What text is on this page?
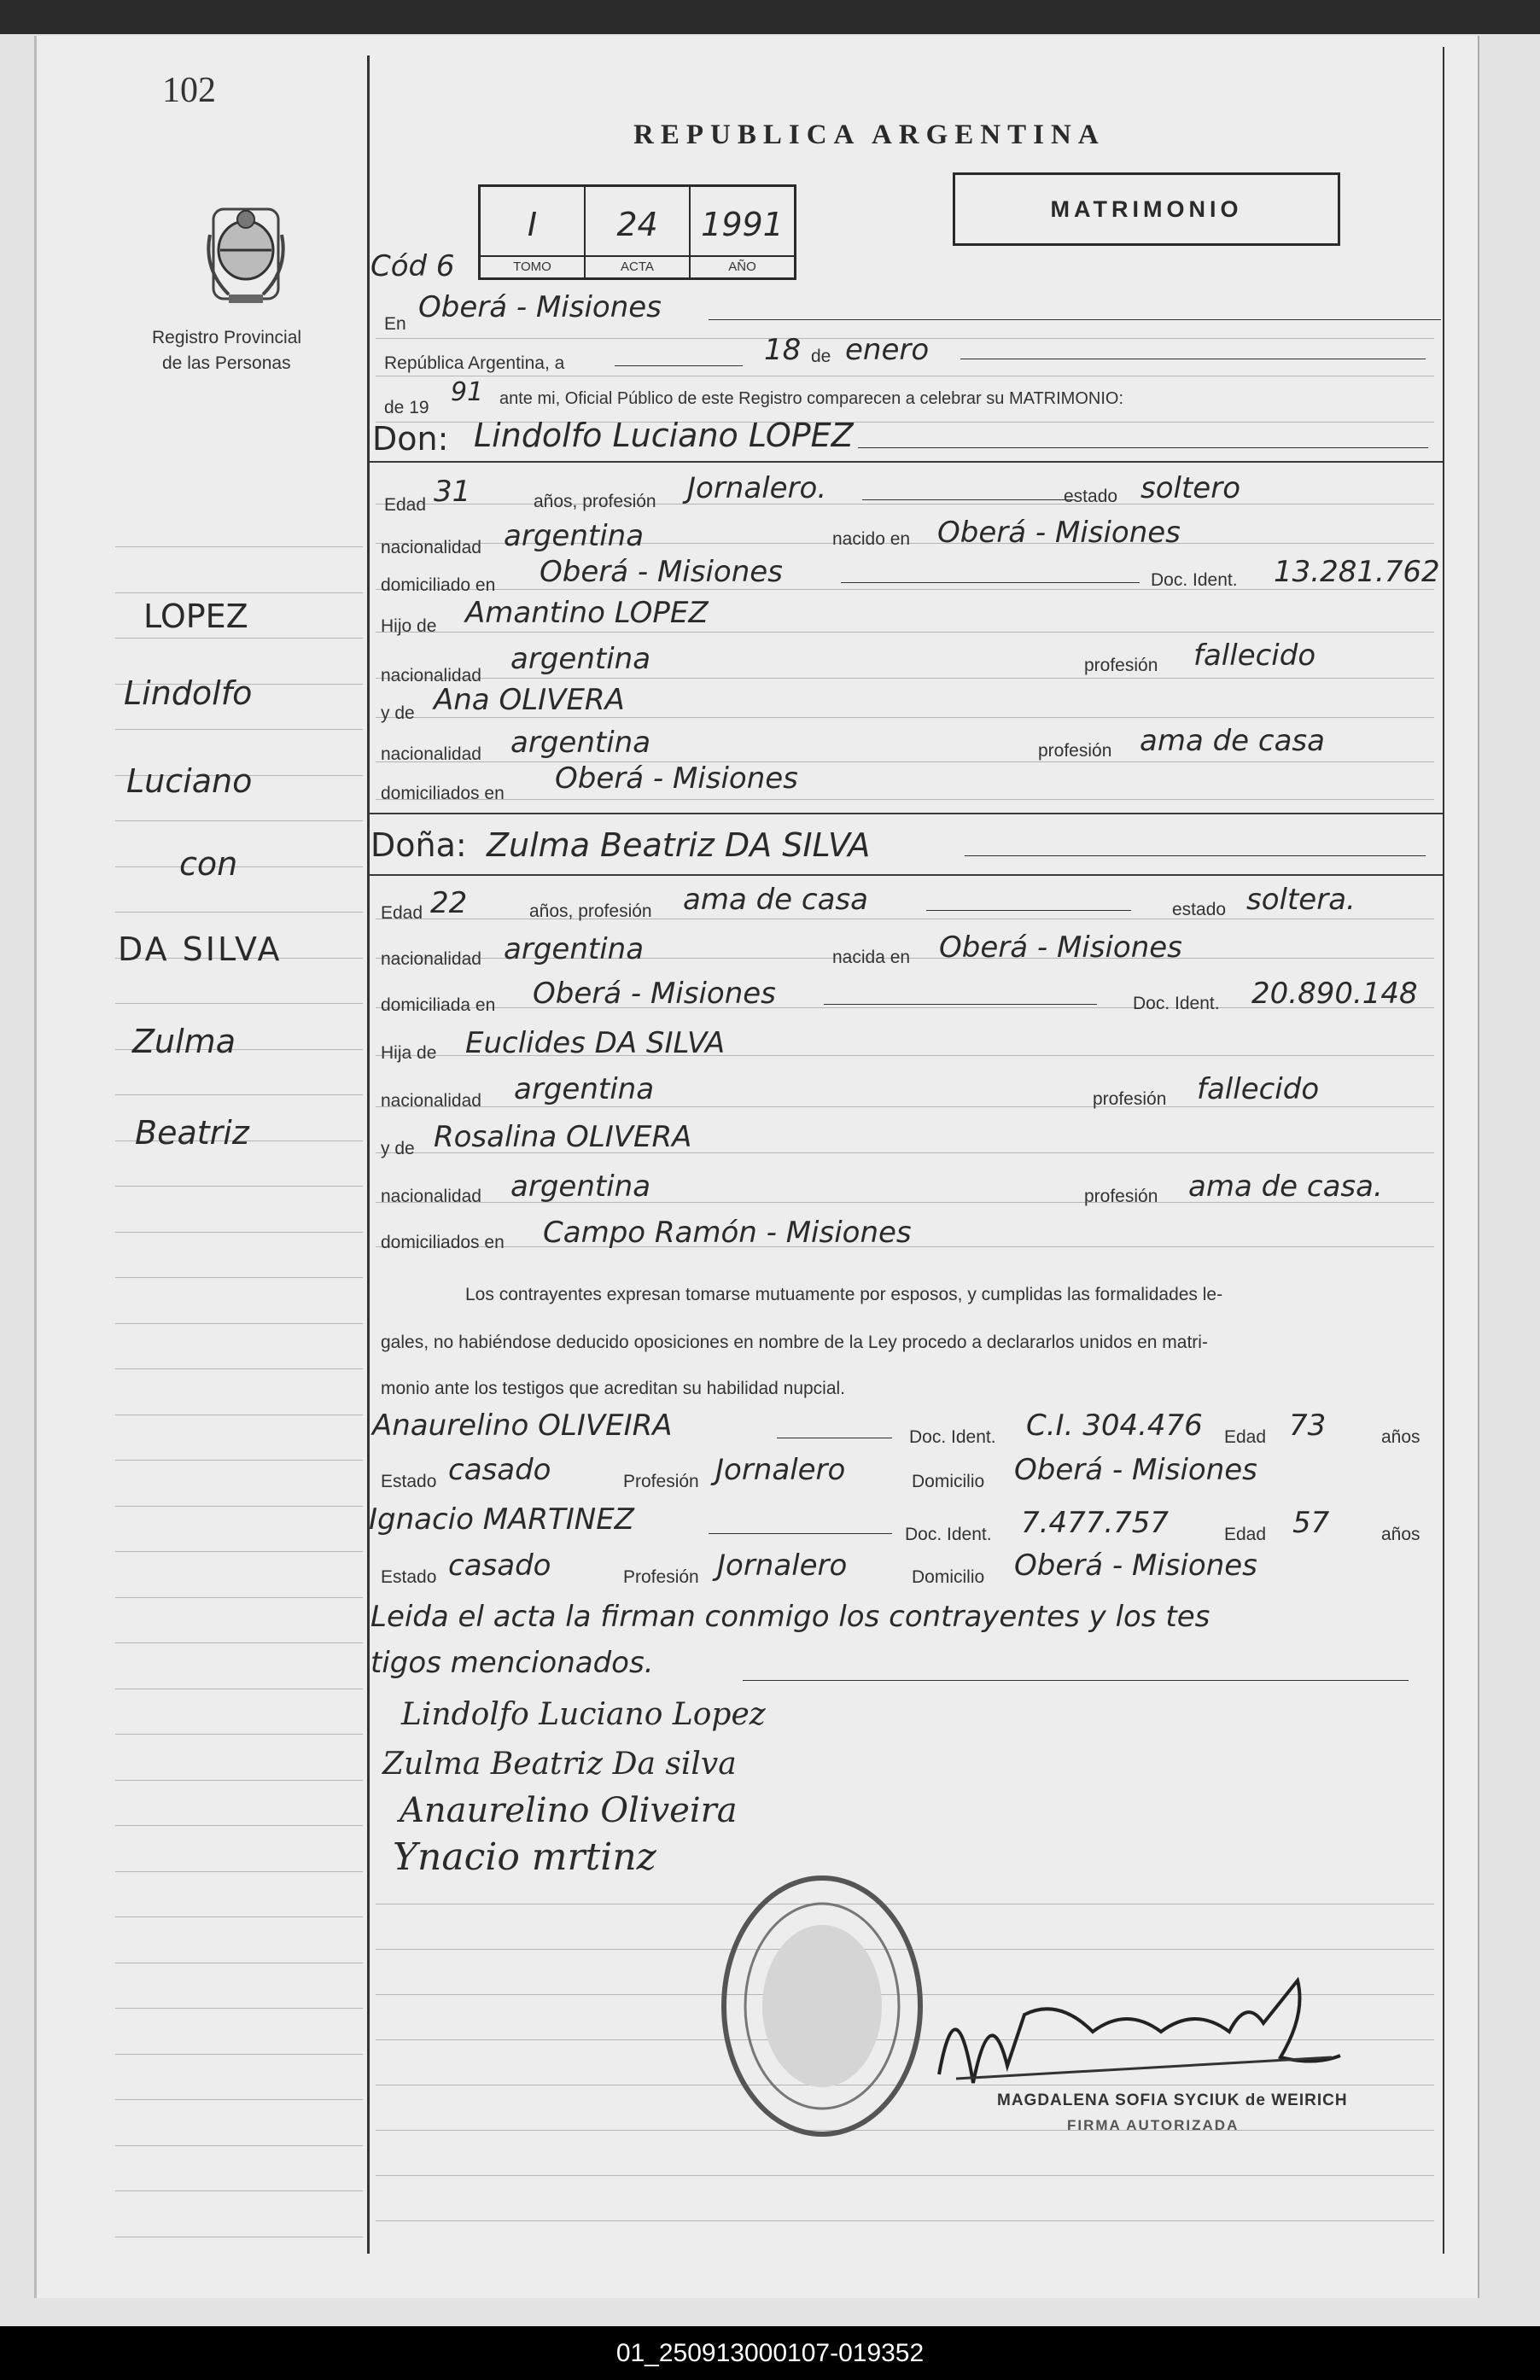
102
REPUBLICA ARGENTINA
MATRIMONIO
Registro Provincial
de las Personas
Cód 6
I
TOMO
24
ACTA
1991
AÑO
LOPEZ
Lindolfo
Luciano
con
DA SILVA
Zulma
Beatriz
En Oberá - Misiones
República Argentina, a	18 de enero
de 19
91 ante mi, Oficial Público de este Registro comparecen a celebrar su MATRIMONIO:
Don: Lindolfo Luciano LOPEZ
Edad 31	años, profesión Jornalero.	estado soltero
nacionalidad argentina	nacido en Oberá - Misiones
domiciliado en Oberá - Misiones	Doc. Ident. 13.281.762
Hijo de Amantino LOPEZ
nacionalidad argentina	profesión fallecido
y de Ana OLIVERA
nacionalidad argentina	profesión ama de casa
domiciliados en Oberá - Misiones
Doña: Zulma Beatriz DA SILVA
Edad 22	años, profesión ama de casa	estado soltera.
nacionalidad argentina	nacida en Oberá - Misiones
domiciliada en Oberá - Misiones	Doc. Ident. 20.890.148
Hija de Euclides DA SILVA
nacionalidad argentina	profesión fallecido
y de Rosalina OLIVERA
nacionalidad argentina	profesión ama de casa.
domiciliados en Campo Ramón - Misiones
Los contrayentes expresan tomarse mutuamente por esposos, y cumplidas las formalidades le-
gales, no habiéndose deducido oposiciones en nombre de la Ley procedo a declararlos unidos en matri-
monio ante los testigos que acreditan su habilidad nupcial.
Anaurelino OLIVEIRA	Doc. Ident. C.I. 304.476 Edad 73	años
Estado casado	Profesión Jornalero	Domicilio Oberá - Misiones
Ignacio MARTINEZ	Doc. Ident. 7.477.757	Edad 57	años
Estado casado	Profesión Jornalero	Domicilio Oberá - Misiones
Leida el acta la firman conmigo los contrayentes y los tes
tigos mencionados.
Lindolfo Luciano Lopez
Zulma Beatriz Da silva
Anaurelino Oliveira
Ynacio mrtinz
MAGDALENA SOFIA SYCIUK de WEIRICH
FIRMA AUTORIZADA
01_250913000107-019352
